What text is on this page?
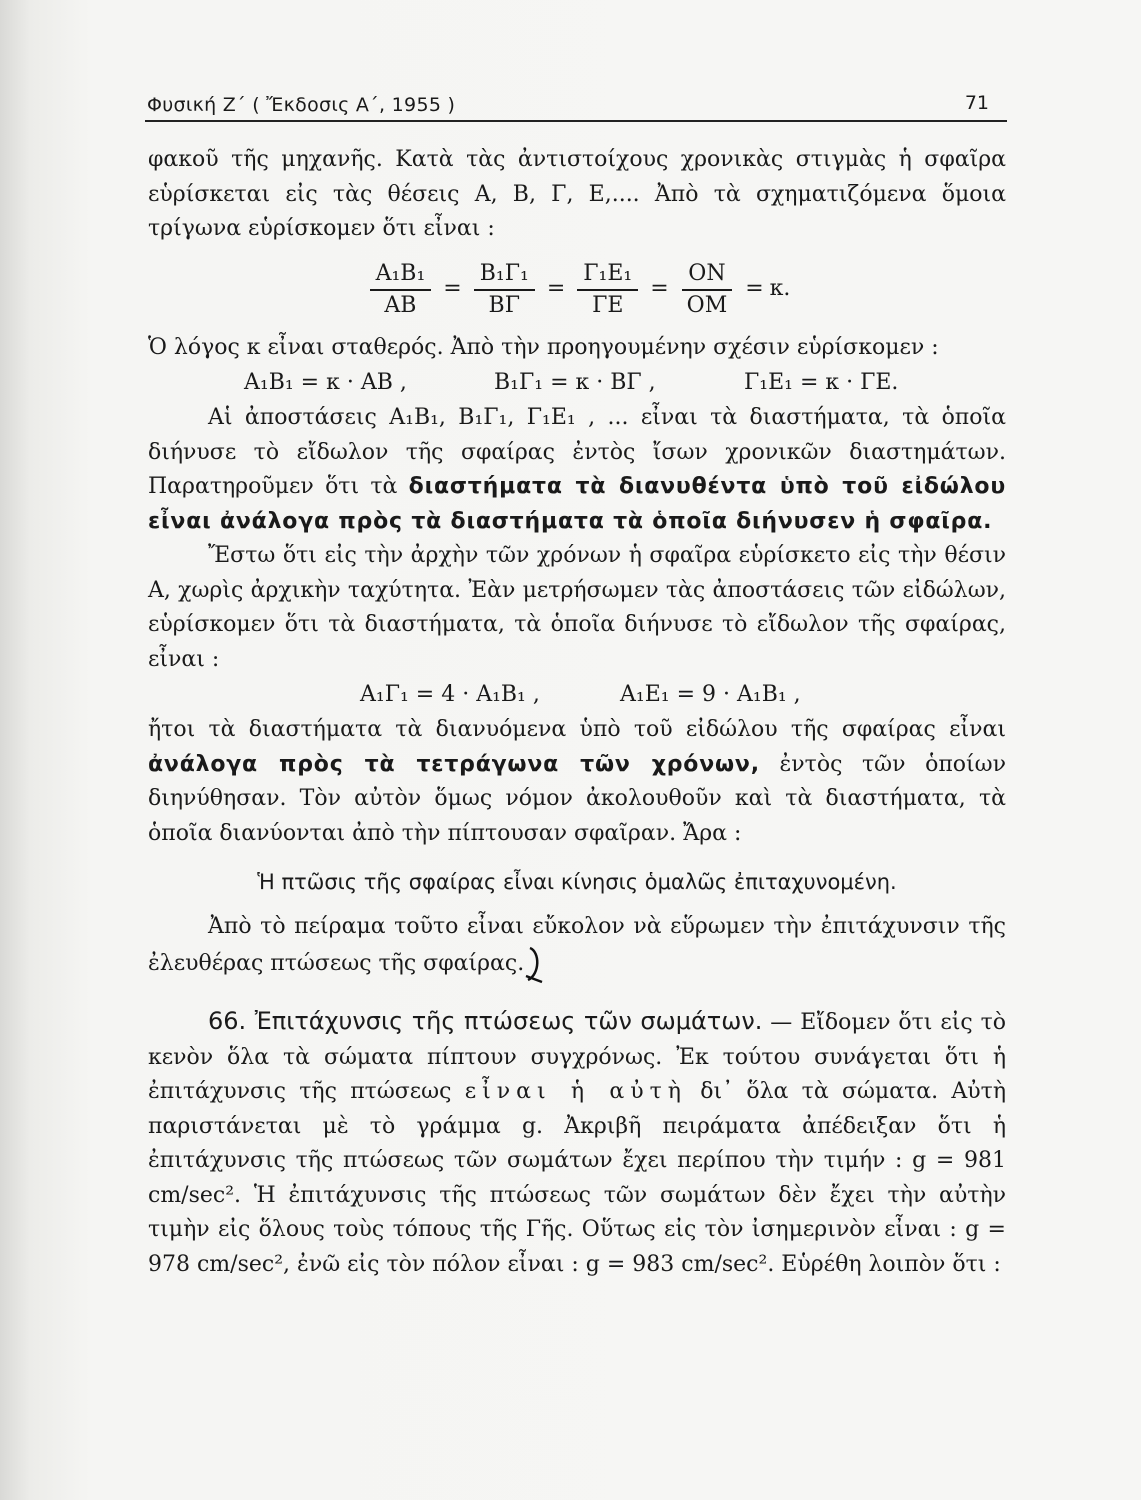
Φυσική Ζ΄ ( Ἔκδοσις Α΄, 1955 )	71

φακοῦ τῆς μηχανῆς. Κατὰ τὰς ἀντιστοίχους χρονικὰς στιγμὰς ἡ σφαῖρα εὑρίσκεται εἰς τὰς θέσεις Α, Β, Γ, Ε,.... Ἀπὸ τὰ σχηματιζόμενα ὅμοια τρίγωνα εὑρίσκομεν ὅτι εἶναι :

$\frac{\text{Α₁Β₁}}{AB} = \frac{\text{Β₁Γ₁}}{B\Gamma} = \frac{\text{Γ₁Ε₁}}{\Gamma E} = \frac{ON}{OM} = \kappa$.

Ὁ λόγος κ εἶναι σταθερός. Ἀπὸ τὴν προηγουμένην σχέσιν εὑρίσκομεν :

Α₁Β₁ = κ · ΑΒ ,	Β₁Γ₁ = κ · ΒΓ ,	Γ₁Ε₁ = κ · ΓΕ.

Αἱ ἀποστάσεις Α₁Β₁, Β₁Γ₁, Γ₁Ε₁ , ... εἶναι τὰ διαστήματα, τὰ ὁποῖα διήνυσε τὸ εἴδωλον τῆς σφαίρας ἐντὸς ἴσων χρονικῶν διαστημάτων. Παρατηροῦμεν ὅτι τὰ διαστήματα τὰ διανυθέντα ὑπὸ τοῦ εἰδώλου εἶναι ἀνάλογα πρὸς τὰ διαστήματα τὰ ὁποῖα διήνυσεν ἡ σφαῖρα.

Ἔστω ὅτι εἰς τὴν ἀρχὴν τῶν χρόνων ἡ σφαῖρα εὑρίσκετο εἰς τὴν θέσιν Α, χωρὶς ἀρχικὴν ταχύτητα. Ἐὰν μετρήσωμεν τὰς ἀποστάσεις τῶν εἰδώλων, εὑρίσκομεν ὅτι τὰ διαστήματα, τὰ ὁποῖα διήνυσε τὸ εἴδωλον τῆς σφαίρας, εἶναι :

Α₁Γ₁ = 4 · Α₁Β₁ ,	Α₁Ε₁ = 9 · Α₁Β₁ ,

ἤτοι τὰ διαστήματα τὰ διανυόμενα ὑπὸ τοῦ εἰδώλου τῆς σφαίρας εἶναι ἀνάλογα πρὸς τὰ τετράγωνα τῶν χρόνων, ἐντὸς τῶν ὁποίων διηνύθησαν. Τὸν αὐτὸν ὅμως νόμον ἀκολουθοῦν καὶ τὰ διαστήματα, τὰ ὁποῖα διανύονται ἀπὸ τὴν πίπτουσαν σφαῖραν. Ἄρα :

Ἡ πτῶσις τῆς σφαίρας εἶναι κίνησις ὁμαλῶς ἐπιταχυνομένη.

Ἀπὸ τὸ πείραμα τοῦτο εἶναι εὔκολον νὰ εὕρωμεν τὴν ἐπιτάχυνσιν τῆς ἐλευθέρας πτώσεως τῆς σφαίρας.

66. Ἐπιτάχυνσις τῆς πτώσεως τῶν σωμάτων. — Εἴδομεν ὅτι εἰς τὸ κενὸν ὅλα τὰ σώματα πίπτουν συγχρόνως. Ἐκ τούτου συνάγεται ὅτι ἡ ἐπιτάχυνσις τῆς πτώσεως εἶναι ἡ αὐτὴ δι᾽ ὅλα τὰ σώματα. Αὐτὴ παριστάνεται μὲ τὸ γράμμα g. Ἀκριβῆ πειράματα ἀπέδειξαν ὅτι ἡ ἐπιτάχυνσις τῆς πτώσεως τῶν σωμάτων ἔχει περίπου τὴν τιμήν : g = 981 cm/sec². Ἡ ἐπιτάχυνσις τῆς πτώσεως τῶν σωμάτων δὲν ἔχει τὴν αὐτὴν τιμὴν εἰς ὅλους τοὺς τόπους τῆς Γῆς. Οὕτως εἰς τὸν ἰσημερινὸν εἶναι : g = 978 cm/sec², ἐνῶ εἰς τὸν πόλον εἶναι : g = 983 cm/sec². Εὑρέθη λοιπὸν ὅτι :
